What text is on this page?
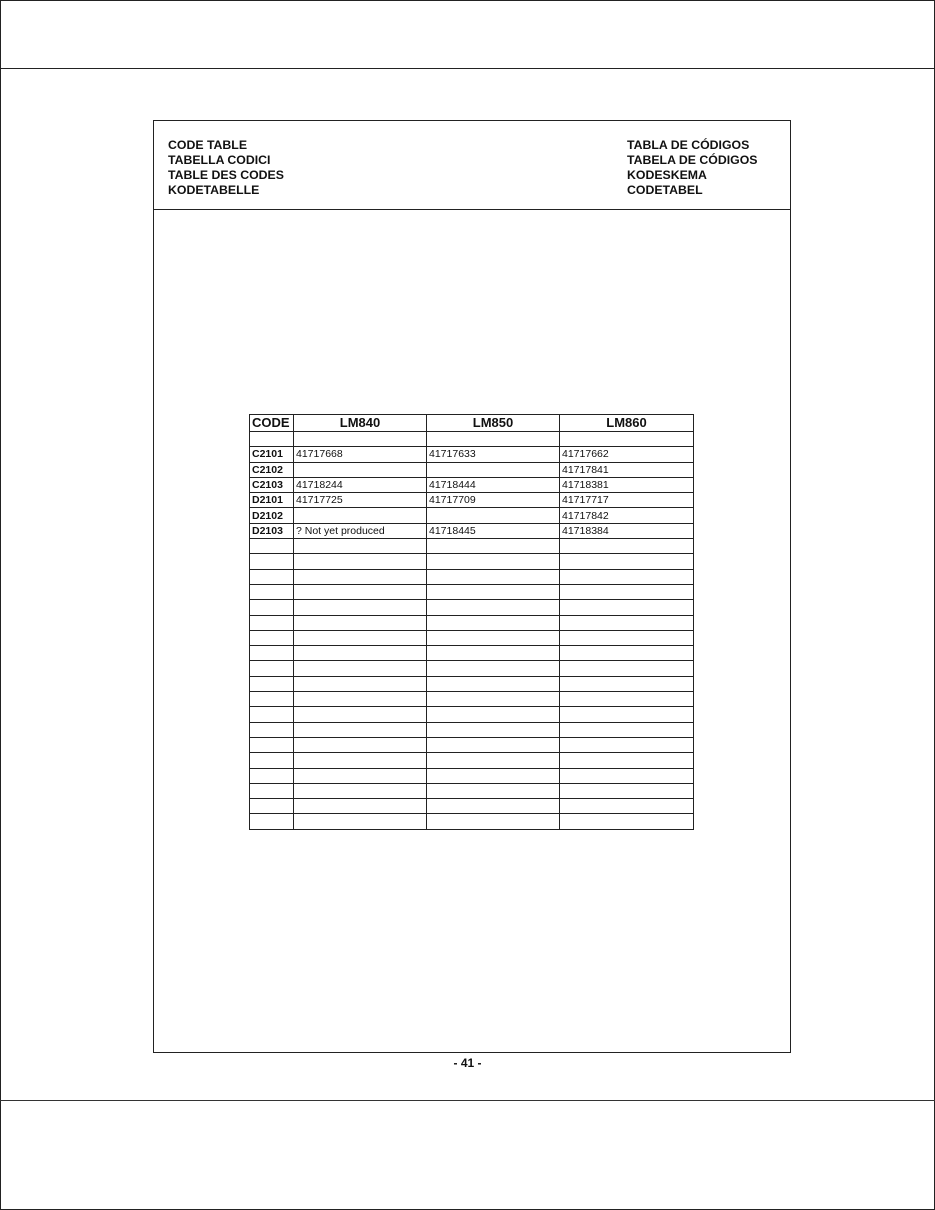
CODE TABLE
TABELLA CODICI
TABLE DES CODES
KODETABELLE
TABLA DE CÓDIGOS
TABELA DE CÓDIGOS
KODESKEMA
CODETABEL
CODE	LM840	LM850	LM860

C2101	41717668	41717633	41717662
C2102			41717841
C2103	41718244	41718444	41718381
D2101	41717725	41717709	41717717
D2102			41717842
D2103	? Not yet produced	41718445	41718384

- 41 -
